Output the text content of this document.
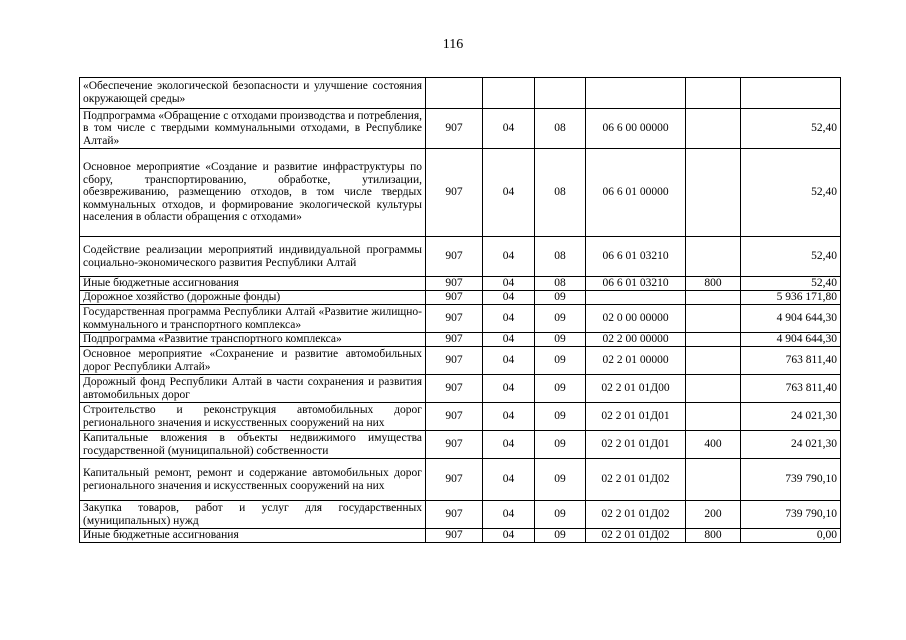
116
«Обеспечение экологической безопасности и улучшение состояния окружающей среды»						
Подпрограмма «Обращение с отходами производства и потребления, в том числе с твердыми коммунальными отходами, в Республике Алтай»	907	04	08	06 6 00 00000		52,40
Основное мероприятие «Создание и развитие инфраструктуры по сбору, транспортированию, обработке, утилизации, обезвреживанию, размещению отходов, в том числе твердых коммунальных отходов, и формирование экологической культуры населения в области обращения с отходами»	907	04	08	06 6 01 00000		52,40
Содействие реализации мероприятий индивидуальной программы социально-экономического развития Республики Алтай	907	04	08	06 6 01 03210		52,40
Иные бюджетные ассигнования	907	04	08	06 6 01 03210	800	52,40
Дорожное хозяйство (дорожные фонды)	907	04	09			5 936 171,80
Государственная программа Республики Алтай «Развитие жилищно-коммунального и транспортного комплекса»	907	04	09	02 0 00 00000		4 904 644,30
Подпрограмма «Развитие транспортного комплекса»	907	04	09	02 2 00 00000		4 904 644,30
Основное мероприятие «Сохранение и развитие автомобильных дорог Республики Алтай»	907	04	09	02 2 01 00000		763 811,40
Дорожный фонд Республики Алтай в части сохранения и развития автомобильных дорог	907	04	09	02 2 01 01Д00		763 811,40
Строительство и реконструкция автомобильных дорог регионального значения и искусственных сооружений на них	907	04	09	02 2 01 01Д01		24 021,30
Капитальные вложения в объекты недвижимого имущества государственной (муниципальной) собственности	907	04	09	02 2 01 01Д01	400	24 021,30
Капитальный ремонт, ремонт и содержание автомобильных дорог регионального значения и искусственных сооружений на них	907	04	09	02 2 01 01Д02		739 790,10
Закупка товаров, работ и услуг для государственных (муниципальных) нужд	907	04	09	02 2 01 01Д02	200	739 790,10
Иные бюджетные ассигнования	907	04	09	02 2 01 01Д02	800	0,00
